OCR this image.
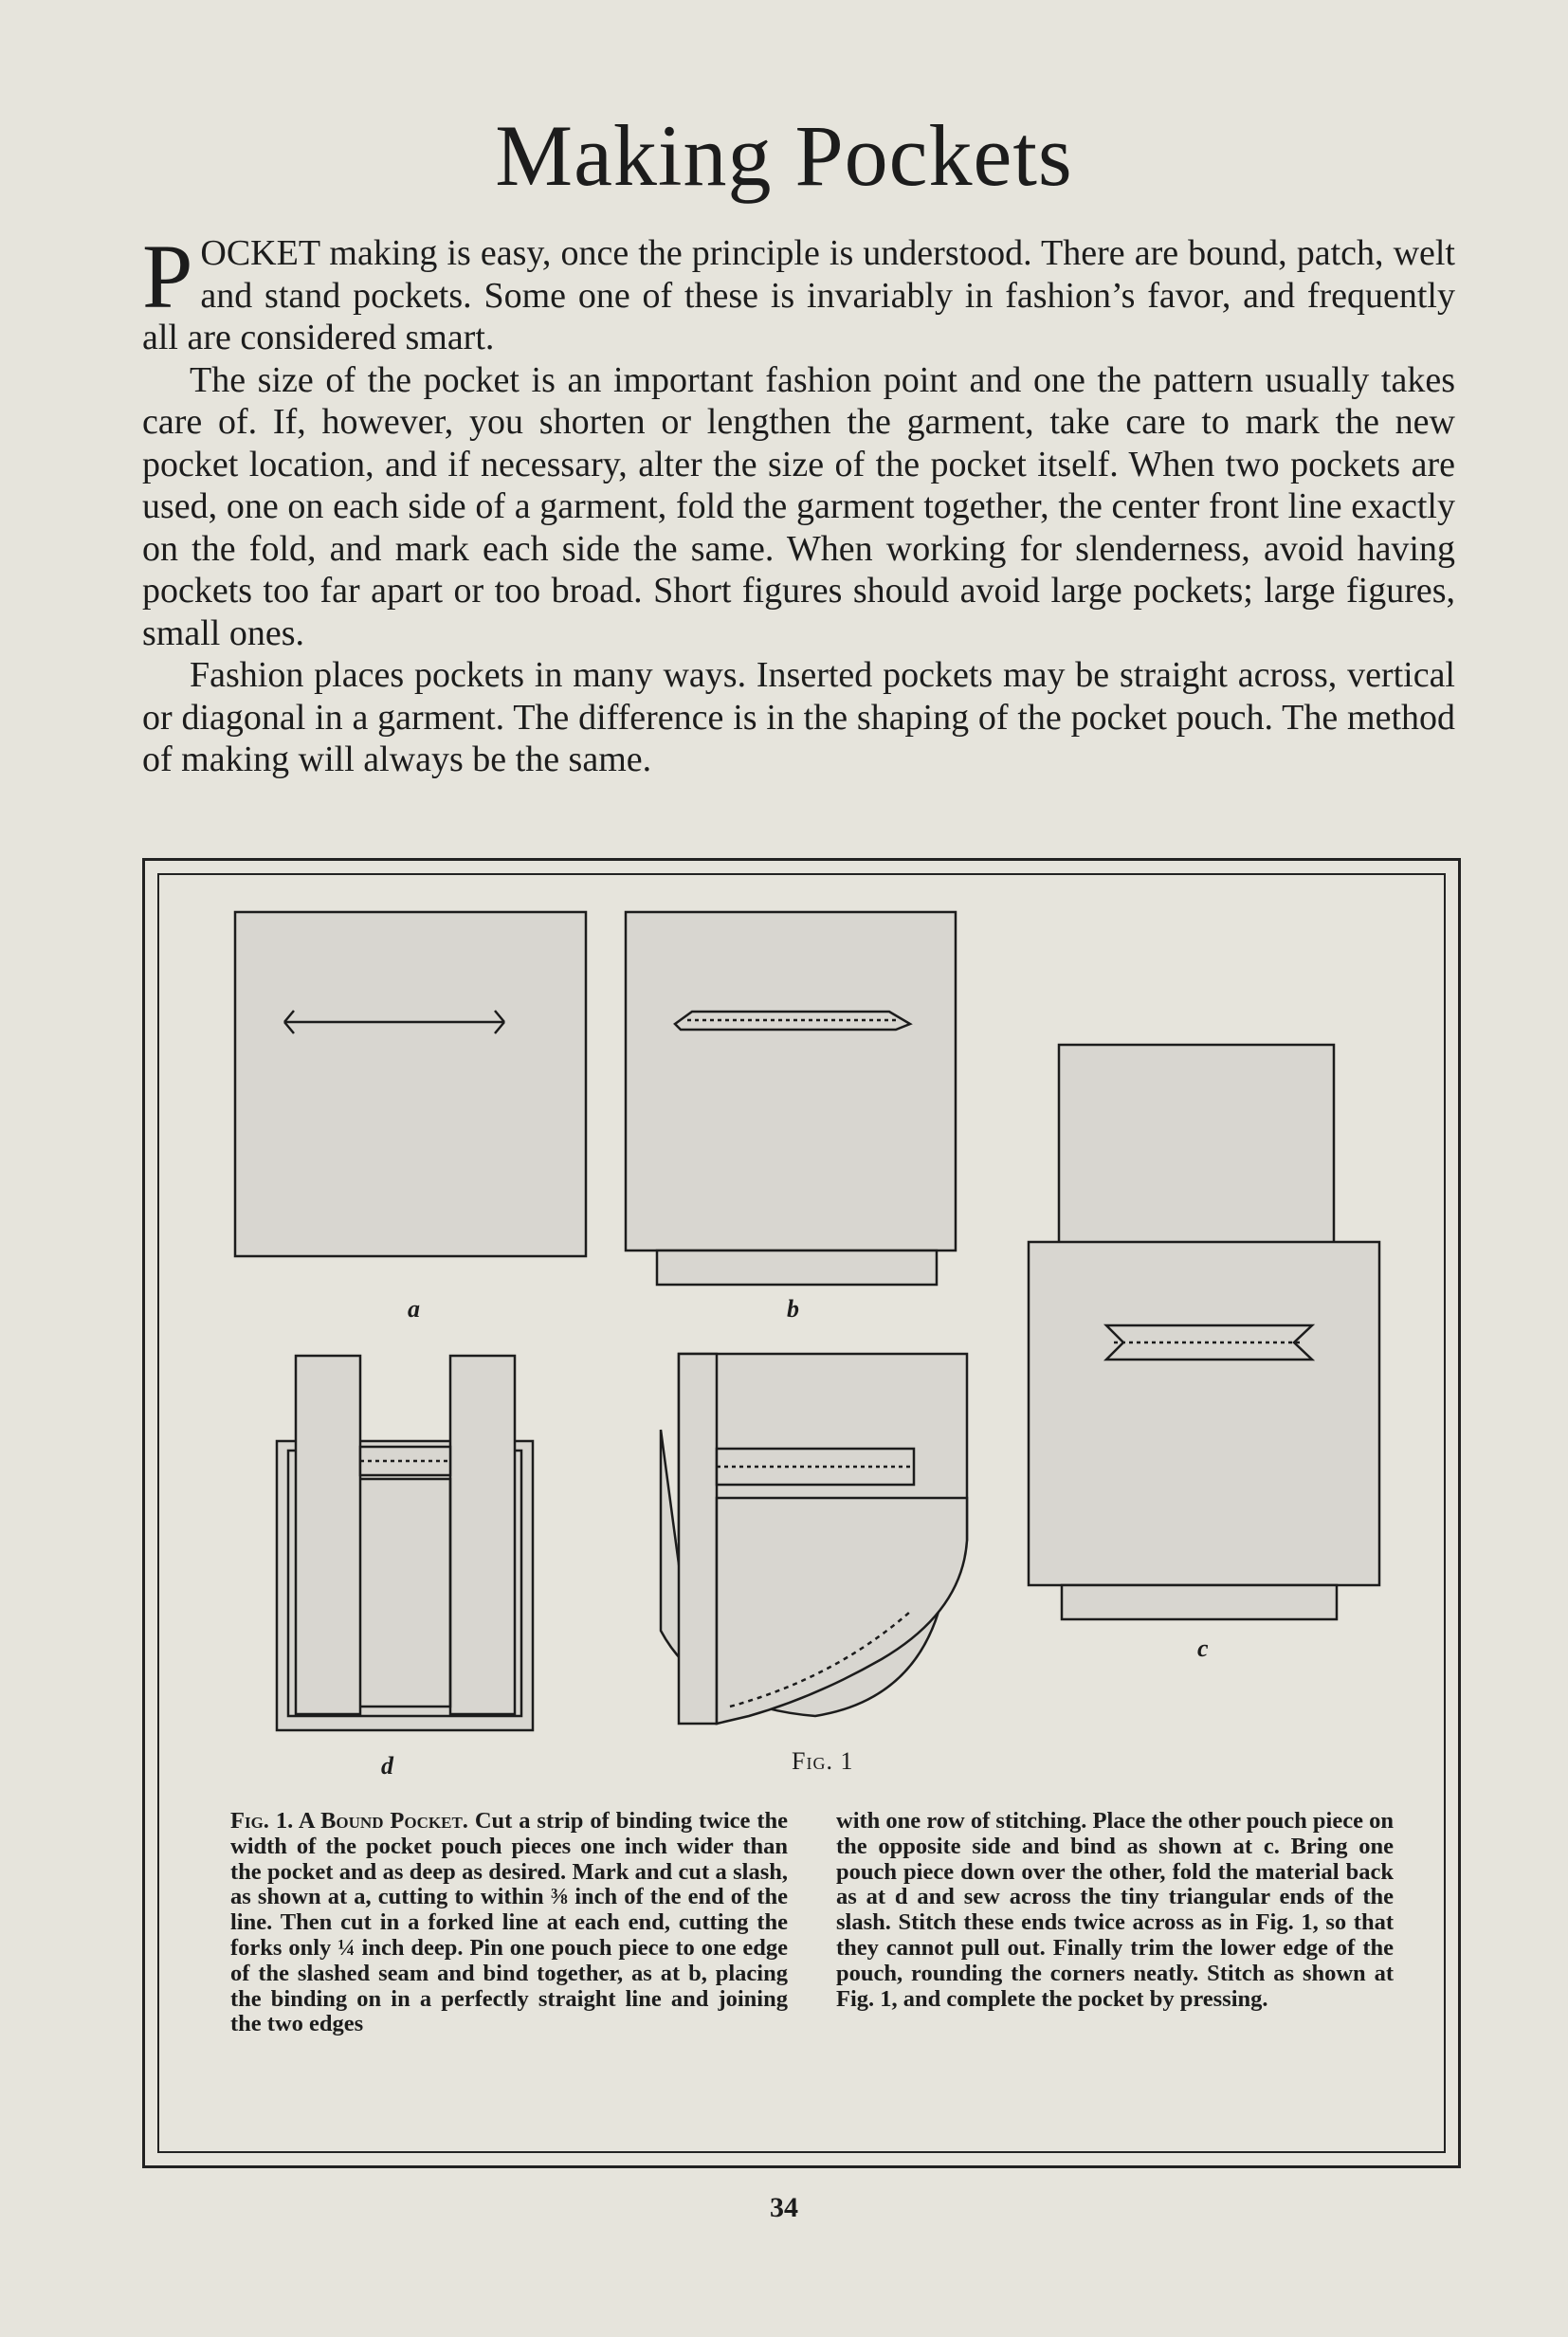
Making Pockets

POCKET making is easy, once the principle is understood. There are bound, patch, welt and stand pockets. Some one of these is invariably in fashion’s favor, and frequently all are considered smart.

The size of the pocket is an important fashion point and one the pattern usually takes care of. If, however, you shorten or lengthen the garment, take care to mark the new pocket location, and if necessary, alter the size of the pocket itself. When two pockets are used, one on each side of a garment, fold the garment together, the center front line exactly on the fold, and mark each side the same. When working for slenderness, avoid having pockets too far apart or too broad. Short figures should avoid large pockets; large figures, small ones.

Fashion places pockets in many ways. Inserted pockets may be straight across, vertical or diagonal in a garment. The difference is in the shaping of the pocket pouch. The method of making will always be the same.

a	b
c
d	Fig. 1

Fig. 1. A Bound Pocket. Cut a strip of binding twice the width of the pocket pouch pieces one inch wider than the pocket and as deep as desired. Mark and cut a slash, as shown at a, cutting to within ⅜ inch of the end of the line. Then cut in a forked line at each end, cutting the forks only ¼ inch deep. Pin one pouch piece to one edge of the slashed seam and bind together, as at b, placing the binding on in a perfectly straight line and joining the two edges

with one row of stitching. Place the other pouch piece on the opposite side and bind as shown at c. Bring one pouch piece down over the other, fold the material back as at d and sew across the tiny triangular ends of the slash. Stitch these ends twice across as in Fig. 1, so that they cannot pull out. Finally trim the lower edge of the pouch, rounding the corners neatly. Stitch as shown at Fig. 1, and complete the pocket by pressing.

34
